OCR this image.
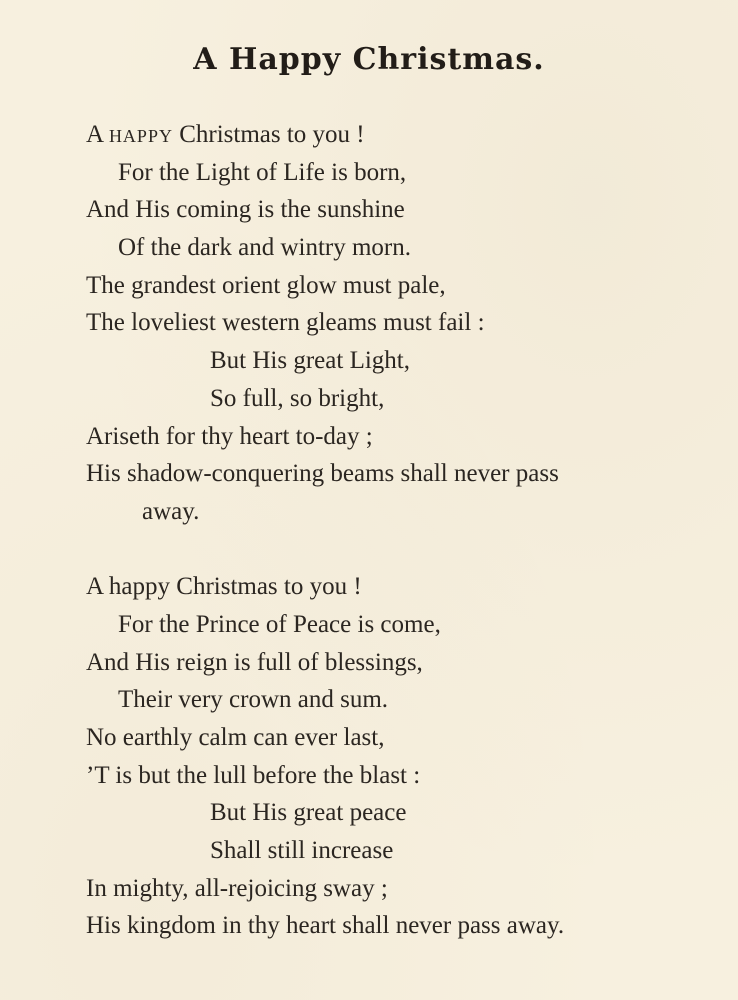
A Happy Christmas.
A happy Christmas to you !
For the Light of Life is born,
And His coming is the sunshine
Of the dark and wintry morn.
The grandest orient glow must pale,
The loveliest western gleams must fail :
But His great Light,
So full, so bright,
Ariseth for thy heart to-day ;
His shadow-conquering beams shall never pass
away.
A happy Christmas to you !
For the Prince of Peace is come,
And His reign is full of blessings,
Their very crown and sum.
No earthly calm can ever last,
’T is but the lull before the blast :
But His great peace
Shall still increase
In mighty, all-rejoicing sway ;
His kingdom in thy heart shall never pass away.
